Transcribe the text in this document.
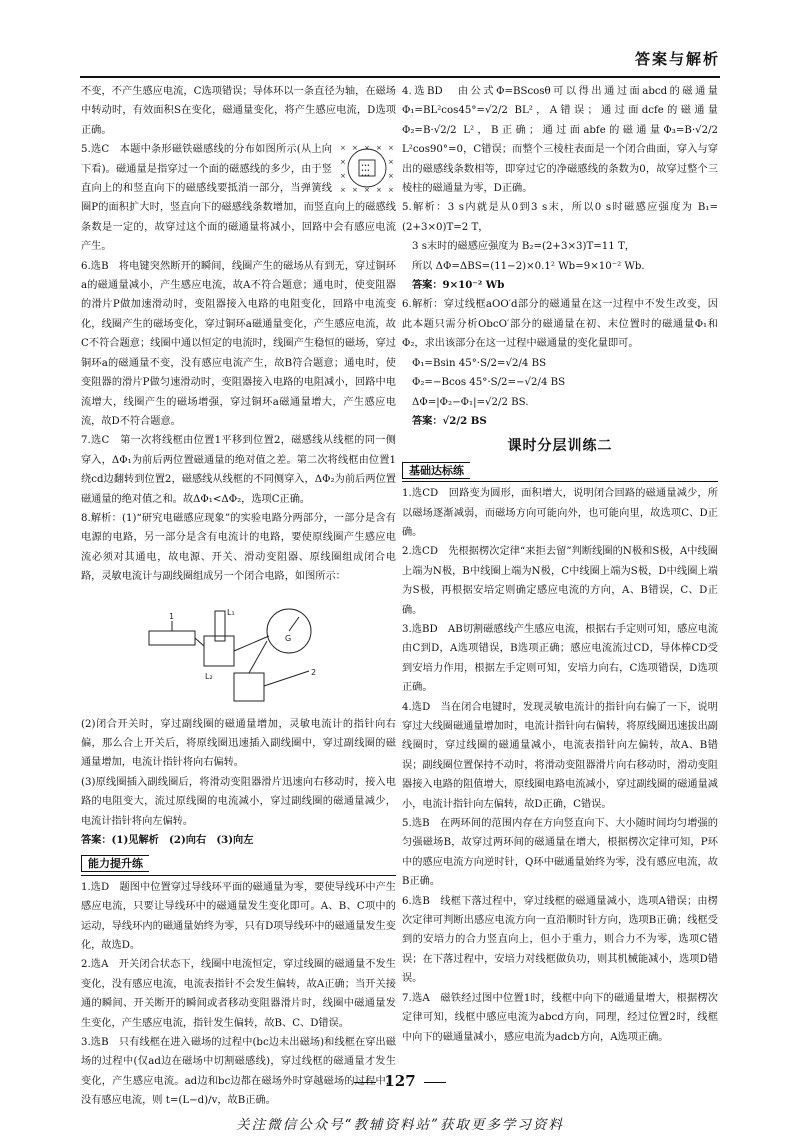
答案与解析

不变，不产生感应电流，C选项错误；导体环以一条直径为轴，在磁场中转动时，有效面积S在变化，磁通量变化，将产生感应电流，D选项正确。

× × × × ×
×	×
×	×
× × × × ×
•••
•••
•••

5.选C　本题中条形磁铁磁感线的分布如图所示(从上向下看)。磁通量是指穿过一个面的磁感线的多少，由于竖直向上的和竖直向下的磁感线要抵消一部分，当弹簧线圈P的面积扩大时，竖直向下的磁感线条数增加，而竖直向上的磁感线条数是一定的，故穿过这个面的磁通量将减小，回路中会有感应电流产生。

6.选B　将电键突然断开的瞬间，线圈产生的磁场从有到无，穿过铜环a的磁通量减小，产生感应电流，故A不符合题意；通电时，使变阻器的滑片P做加速滑动时，变阻器接入电路的电阻变化，回路中电流变化，线圈产生的磁场变化，穿过铜环a磁通量变化，产生感应电流，故C不符合题意；线圈中通以恒定的电流时，线圈产生稳恒的磁场，穿过铜环a的磁通量不变，没有感应电流产生，故B符合题意；通电时，使变阻器的滑片P做匀速滑动时，变阻器接入电路的电阻减小，回路中电流增大，线圈产生的磁场增强，穿过铜环a磁通量增大，产生感应电流，故D不符合题意。

7.选C　第一次将线框由位置1平移到位置2，磁感线从线框的同一侧穿入，ΔΦ₁为前后两位置磁通量的绝对值之差。第二次将线框由位置1绕cd边翻转到位置2，磁感线从线框的不同侧穿入，ΔΦ₂为前后两位置磁通量的绝对值之和。故ΔΦ₁<ΔΦ₂，选项C正确。

8.解析：(1)“研究电磁感应现象”的实验电路分两部分，一部分是含有电源的电路，另一部分是含有电流计的电路，要使原线圈产生感应电流必须对其通电，故电源、开关、滑动变阻器、原线圈组成闭合电路，灵敏电流计与副线圈组成另一个闭合电路，如图所示：

L₁
L₂
G
1
2

(2)闭合开关时，穿过副线圈的磁通量增加，灵敏电流计的指针向右偏，那么合上开关后，将原线圈迅速插入副线圈中，穿过副线圈的磁通量增加，电流计指针将向右偏转。

(3)原线圈插入副线圈后，将滑动变阻器滑片迅速向右移动时，接入电路的电阻变大，流过原线圈的电流减小，穿过副线圈的磁通量减少，电流计指针将向左偏转。

答案：(1)见解析　(2)向右　(3)向左

能力提升练

1.选D　题图中位置穿过导线环平面的磁通量为零，要使导线环中产生感应电流，只要让导线环中的磁通量发生变化即可。A、B、C项中的运动，导线环内的磁通量始终为零，只有D项导线环中的磁通量发生变化，故选D。

2.选A　开关闭合状态下，线圈中电流恒定，穿过线圈的磁通量不发生变化，没有感应电流，电流表指针不会发生偏转，故A正确；当开关接通的瞬间、开关断开的瞬间或者移动变阻器滑片时，线圈中磁通量发生变化，产生感应电流，指针发生偏转，故B、C、D错误。

3.选B　只有线框在进入磁场的过程中(bc边未出磁场)和线框在穿出磁场的过程中(仅ad边在磁场中切割磁感线)，穿过线框的磁通量才发生变化，产生感应电流。ad边和bc边都在磁场外时穿越磁场的过程中，没有感应电流，则 t=(L−d)/v，故B正确。

4.选BD　由公式Φ=BScosθ可以得出通过面abcd的磁通量Φ₁=BL²cos45°=√2/2 BL²，A错误；通过面dcfe的磁通量Φ₂=B·√2/2 L²，B正确；通过面abfe的磁通量Φ₃=B·√2/2 L²cos90°=0，C错误；而整个三棱柱表面是一个闭合曲面，穿入与穿出的磁感线条数相等，即穿过它的净磁感线的条数为0，故穿过整个三棱柱的磁通量为零，D正确。

5.解析：3 s内就是从0到3 s末，所以0 s时磁感应强度为 B₁=(2+3×0)T=2 T，

3 s末时的磁感应强度为 B₂=(2+3×3)T=11 T，

所以 ΔΦ=ΔBS=(11−2)×0.1² Wb=9×10⁻² Wb.

答案：9×10⁻² Wb

6.解析：穿过线框aOO′d部分的磁通量在这一过程中不发生改变，因此本题只需分析ObcO′部分的磁通量在初、末位置时的磁通量Φ₁和Φ₂，求出该部分在这一过程中磁通量的变化量即可。

Φ₁=Bsin 45°·S/2=√2/4 BS

Φ₂=−Bcos 45°·S/2=−√2/4 BS

ΔΦ=|Φ₂−Φ₁|=√2/2 BS.

答案：√2/2 BS

课时分层训练二
基础达标练

1.选CD　回路变为圆形，面积增大，说明闭合回路的磁通量减少，所以磁场逐渐减弱，而磁场方向可能向外，也可能向里，故选项C、D正确。

2.选CD　先根据楞次定律“来拒去留”判断线圈的N极和S极，A中线圈上端为N极，B中线圈上端为N极，C中线圈上端为S极，D中线圈上端为S极，再根据安培定则确定感应电流的方向，A、B错误，C、D正确。

3.选BD　AB切割磁感线产生感应电流，根据右手定则可知，感应电流由C到D，A选项错误，B选项正确；感应电流流过CD，导体棒CD受到安培力作用，根据左手定则可知，安培力向右，C选项错误，D选项正确。

4.选D　当在闭合电键时，发现灵敏电流计的指针向右偏了一下，说明穿过大线圈磁通量增加时，电流计指针向右偏转，将原线圈迅速拔出副线圈时，穿过线圈的磁通量减小，电流表指针向左偏转，故A、B错误；副线圈位置保持不动时，将滑动变阻器滑片向右移动时，滑动变阻器接入电路的阻值增大，原线圈电路电流减小，穿过副线圈的磁通量减小，电流计指针向左偏转，故D正确，C错误。

5.选B　在两环间的范围内存在方向竖直向下、大小随时间均匀增强的匀强磁场B，故穿过两环间的磁通量在增大，根据楞次定律可知，P环中的感应电流方向逆时针，Q环中磁通量始终为零，没有感应电流，故B正确。

6.选B　线框下落过程中，穿过线框的磁通量减小，选项A错误；由楞次定律可判断出感应电流方向一直沿顺时针方向，选项B正确；线框受到的安培力的合力竖直向上，但小于重力，则合力不为零，选项C错误；在下落过程中，安培力对线框做负功，则其机械能减小，选项D错误。

7.选A　磁铁经过图中位置1时，线框中向下的磁通量增大，根据楞次定律可知，线框中感应电流为abcd方向，同理，经过位置2时，线框中向下的磁通量减小，感应电流为adcb方向，A选项正确。

127
关注微信公众号“教辅资料站”获取更多学习资料
